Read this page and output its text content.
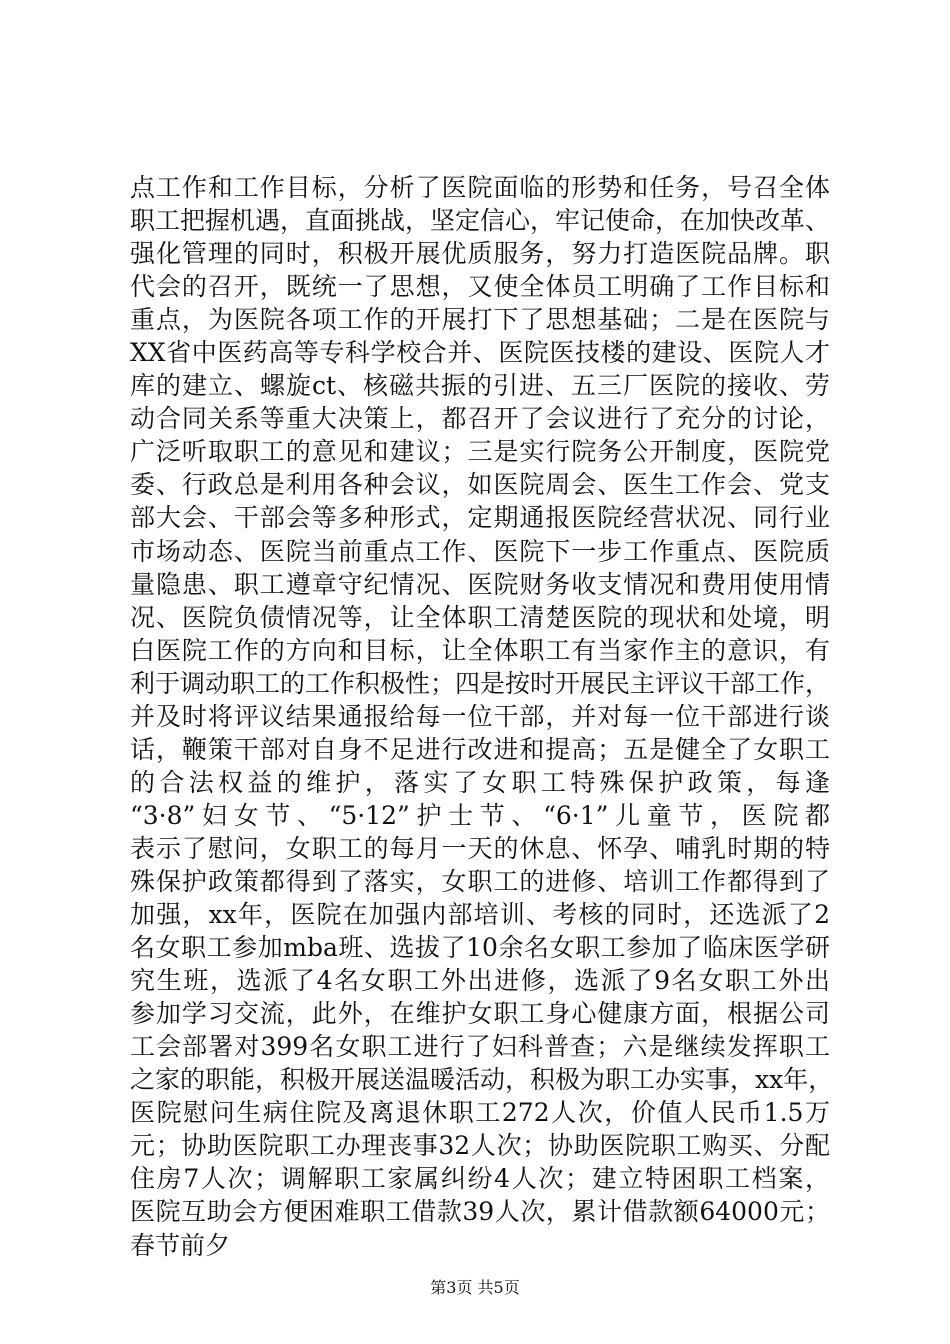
点工作和工作目标，分析了医院面临的形势和任务，号召全体
职工把握机遇，直面挑战，坚定信心，牢记使命，在加快改革、
强化管理的同时，积极开展优质服务，努力打造医院品牌。职
代会的召开，既统一了思想，又使全体员工明确了工作目标和
重点，为医院各项工作的开展打下了思想基础；二是在医院与
XX省中医药高等专科学校合并、医院医技楼的建设、医院人才
库的建立、螺旋ct、核磁共振的引进、五三厂医院的接收、劳
动合同关系等重大决策上，都召开了会议进行了充分的讨论，
广泛听取职工的意见和建议；三是实行院务公开制度，医院党
委、行政总是利用各种会议，如医院周会、医生工作会、党支
部大会、干部会等多种形式，定期通报医院经营状况、同行业
市场动态、医院当前重点工作、医院下一步工作重点、医院质
量隐患、职工遵章守纪情况、医院财务收支情况和费用使用情
况、医院负债情况等，让全体职工清楚医院的现状和处境，明
白医院工作的方向和目标，让全体职工有当家作主的意识，有
利于调动职工的工作积极性；四是按时开展民主评议干部工作，
并及时将评议结果通报给每一位干部，并对每一位干部进行谈
话，鞭策干部对自身不足进行改进和提高；五是健全了女职工
的合法权益的维护，落实了女职工特殊保护政策，每逢
“3·8”妇女节、“5·12”护士节、“6·1”儿童节，医院都
表示了慰问，女职工的每月一天的休息、怀孕、哺乳时期的特
殊保护政策都得到了落实，女职工的进修、培训工作都得到了
加强，xx年，医院在加强内部培训、考核的同时，还选派了2
名女职工参加mba班、选拔了10余名女职工参加了临床医学研
究生班，选派了4名女职工外出进修，选派了9名女职工外出
参加学习交流，此外，在维护女职工身心健康方面，根据公司
工会部署对399名女职工进行了妇科普查；六是继续发挥职工
之家的职能，积极开展送温暖活动，积极为职工办实事，xx年，
医院慰问生病住院及离退休职工272人次，价值人民币1.5万
元；协助医院职工办理丧事32人次；协助医院职工购买、分配
住房7人次；调解职工家属纠纷4人次；建立特困职工档案，
医院互助会方便困难职工借款39人次，累计借款额64000元；
春节前夕
第3页 共5页
